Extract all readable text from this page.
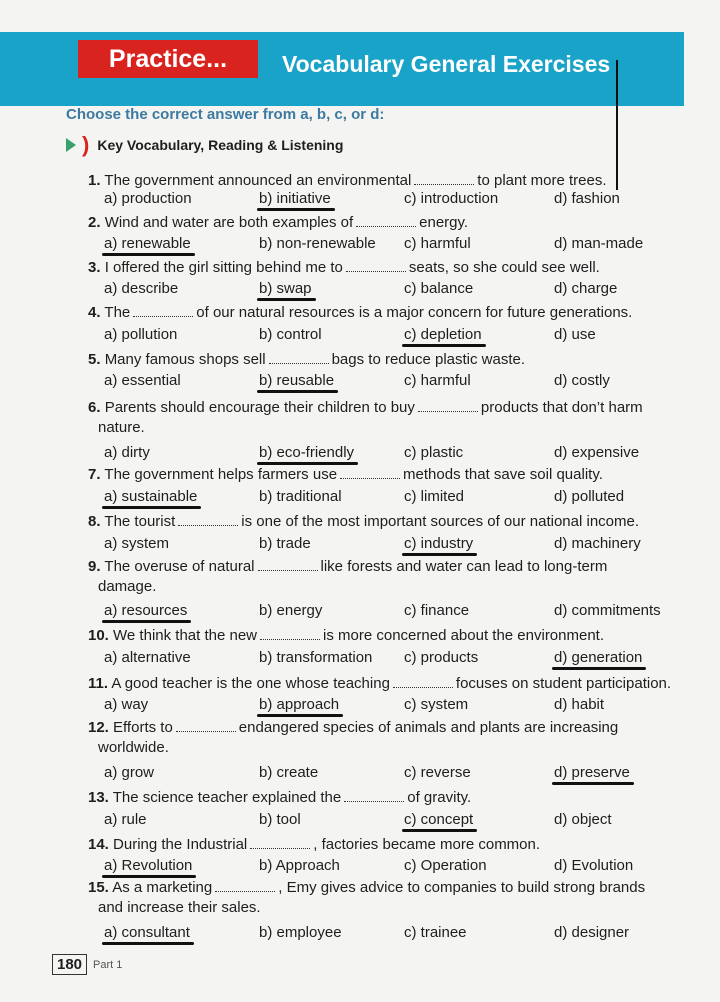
Practice...	Vocabulary General Exercises
Choose the correct answer from a, b, c, or d:
) Key Vocabulary, Reading & Listening
1. The government announced an environmental	to plant more trees.
a) production	b) initiative	c) introduction	d) fashion
2. Wind and water are both examples of	energy.
a) renewable	b) non-renewable c) harmful	d) man-made
3. I offered the girl sitting behind me to	seats, so she could see well.
a) describe	b) swap	c) balance	d) charge
4. The	of our natural resources is a major concern for future generations.
a) pollution	b) control	c) depletion	d) use
5. Many famous shops sell	bags to reduce plastic waste.
a) essential	b) reusable	c) harmful	d) costly
6. Parents should encourage their children to buy	products that don’t harm
nature.
a) dirty	b) eco-friendly	c) plastic	d) expensive
7. The government helps farmers use	methods that save soil quality.
a) sustainable	b) traditional	c) limited	d) polluted
8. The tourist	is one of the most important sources of our national income.
a) system	b) trade	c) industry	d) machinery
9. The overuse of natural	like forests and water can lead to long-term
damage.
a) resources	b) energy	c) finance	d) commitments
10. We think that the new	is more concerned about the environment.
a) alternative	b) transformation c) products	d) generation
11. A good teacher is the one whose teaching	focuses on student participation.
a) way	b) approach	c) system	d) habit
12. Efforts to	endangered species of animals and plants are increasing
worldwide.
a) grow	b) create	c) reverse	d) preserve
13. The science teacher explained the	of gravity.
a) rule	b) tool	c) concept	d) object
14. During the Industrial	, factories became more common.
a) Revolution	b) Approach	c) Operation	d) Evolution
15. As a marketing	, Emy gives advice to companies to build strong brands
and increase their sales.
a) consultant	b) employee	c) trainee	d) designer
180	Part 1
